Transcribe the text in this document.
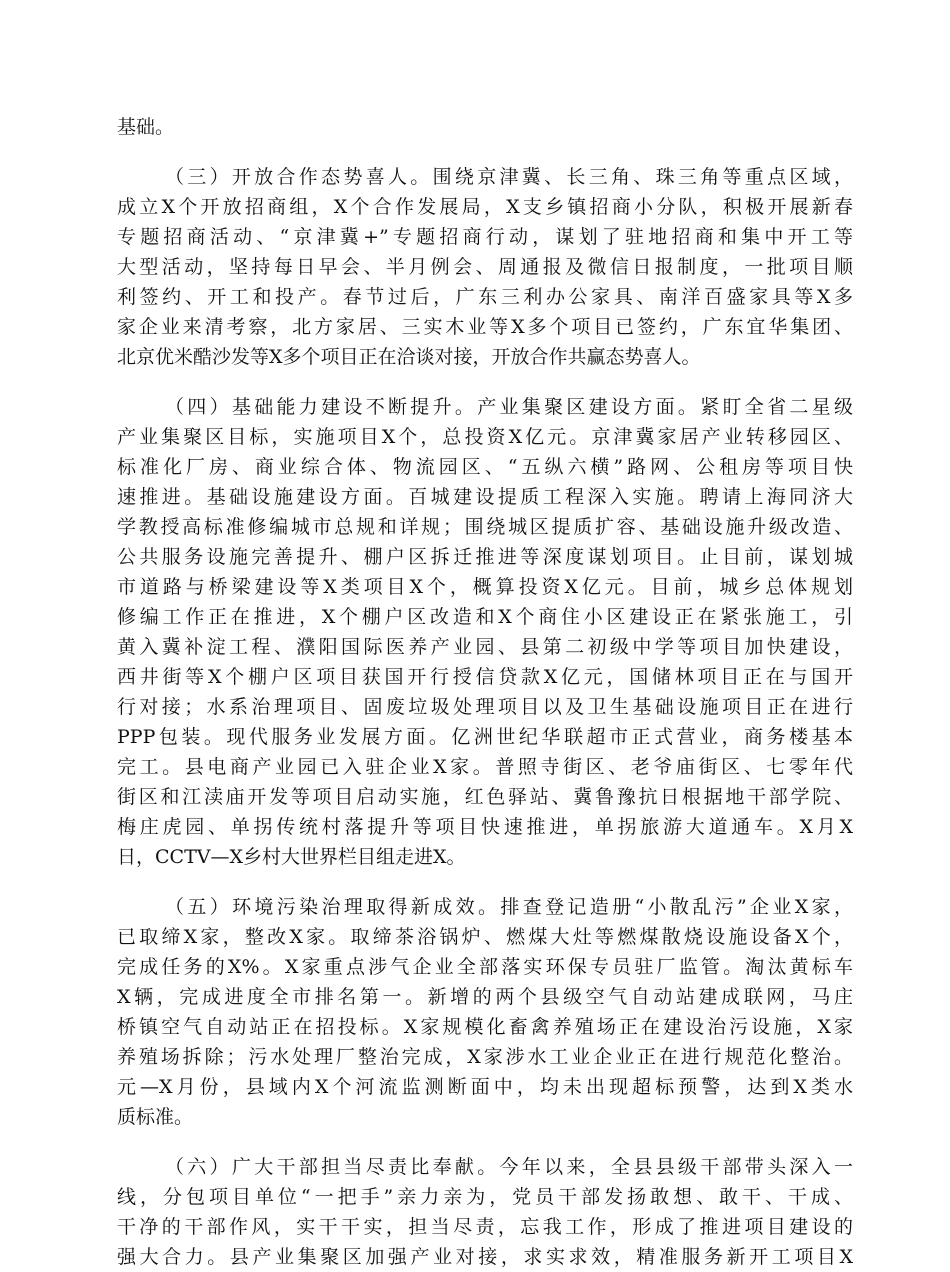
基础。
（三）开放合作态势喜人。围绕京津冀、长三角、珠三角等重点区域，
成立X个开放招商组，X个合作发展局，X支乡镇招商小分队，积极开展新春
专题招商活动、“京津冀+”专题招商行动，谋划了驻地招商和集中开工等
大型活动，坚持每日早会、半月例会、周通报及微信日报制度，一批项目顺
利签约、开工和投产。春节过后，广东三利办公家具、南洋百盛家具等X多
家企业来清考察，北方家居、三实木业等X多个项目已签约，广东宜华集团、
北京优米酷沙发等X多个项目正在洽谈对接，开放合作共赢态势喜人。
（四）基础能力建设不断提升。产业集聚区建设方面。紧盯全省二星级
产业集聚区目标，实施项目X个，总投资X亿元。京津冀家居产业转移园区、
标准化厂房、商业综合体、物流园区、“五纵六横”路网、公租房等项目快
速推进。基础设施建设方面。百城建设提质工程深入实施。聘请上海同济大
学教授高标准修编城市总规和详规；围绕城区提质扩容、基础设施升级改造、
公共服务设施完善提升、棚户区拆迁推进等深度谋划项目。止目前，谋划城
市道路与桥梁建设等X类项目X个，概算投资X亿元。目前，城乡总体规划
修编工作正在推进，X个棚户区改造和X个商住小区建设正在紧张施工，引
黄入冀补淀工程、濮阳国际医养产业园、县第二初级中学等项目加快建设，
西井街等X个棚户区项目获国开行授信贷款X亿元，国储林项目正在与国开
行对接；水系治理项目、固废垃圾处理项目以及卫生基础设施项目正在进行
PPP包装。现代服务业发展方面。亿洲世纪华联超市正式营业，商务楼基本
完工。县电商产业园已入驻企业X家。普照寺街区、老爷庙街区、七零年代
街区和江渎庙开发等项目启动实施，红色驿站、冀鲁豫抗日根据地干部学院、
梅庄虎园、单拐传统村落提升等项目快速推进，单拐旅游大道通车。X月X
日，CCTV—X乡村大世界栏目组走进X。
（五）环境污染治理取得新成效。排查登记造册“小散乱污”企业X家，
已取缔X家，整改X家。取缔茶浴锅炉、燃煤大灶等燃煤散烧设施设备X个，
完成任务的X%。X家重点涉气企业全部落实环保专员驻厂监管。淘汰黄标车
X辆，完成进度全市排名第一。新增的两个县级空气自动站建成联网，马庄
桥镇空气自动站正在招投标。X家规模化畜禽养殖场正在建设治污设施，X家
养殖场拆除；污水处理厂整治完成，X家涉水工业企业正在进行规范化整治。
元—X月份，县域内X个河流监测断面中，均未出现超标预警，达到X类水
质标准。
（六）广大干部担当尽责比奉献。今年以来，全县县级干部带头深入一
线，分包项目单位“一把手”亲力亲为，党员干部发扬敢想、敢干、干成、
干净的干部作风，实干干实，担当尽责，忘我工作，形成了推进项目建设的
强大合力。县产业集聚区加强产业对接，求实求效，精准服务新开工项目X
